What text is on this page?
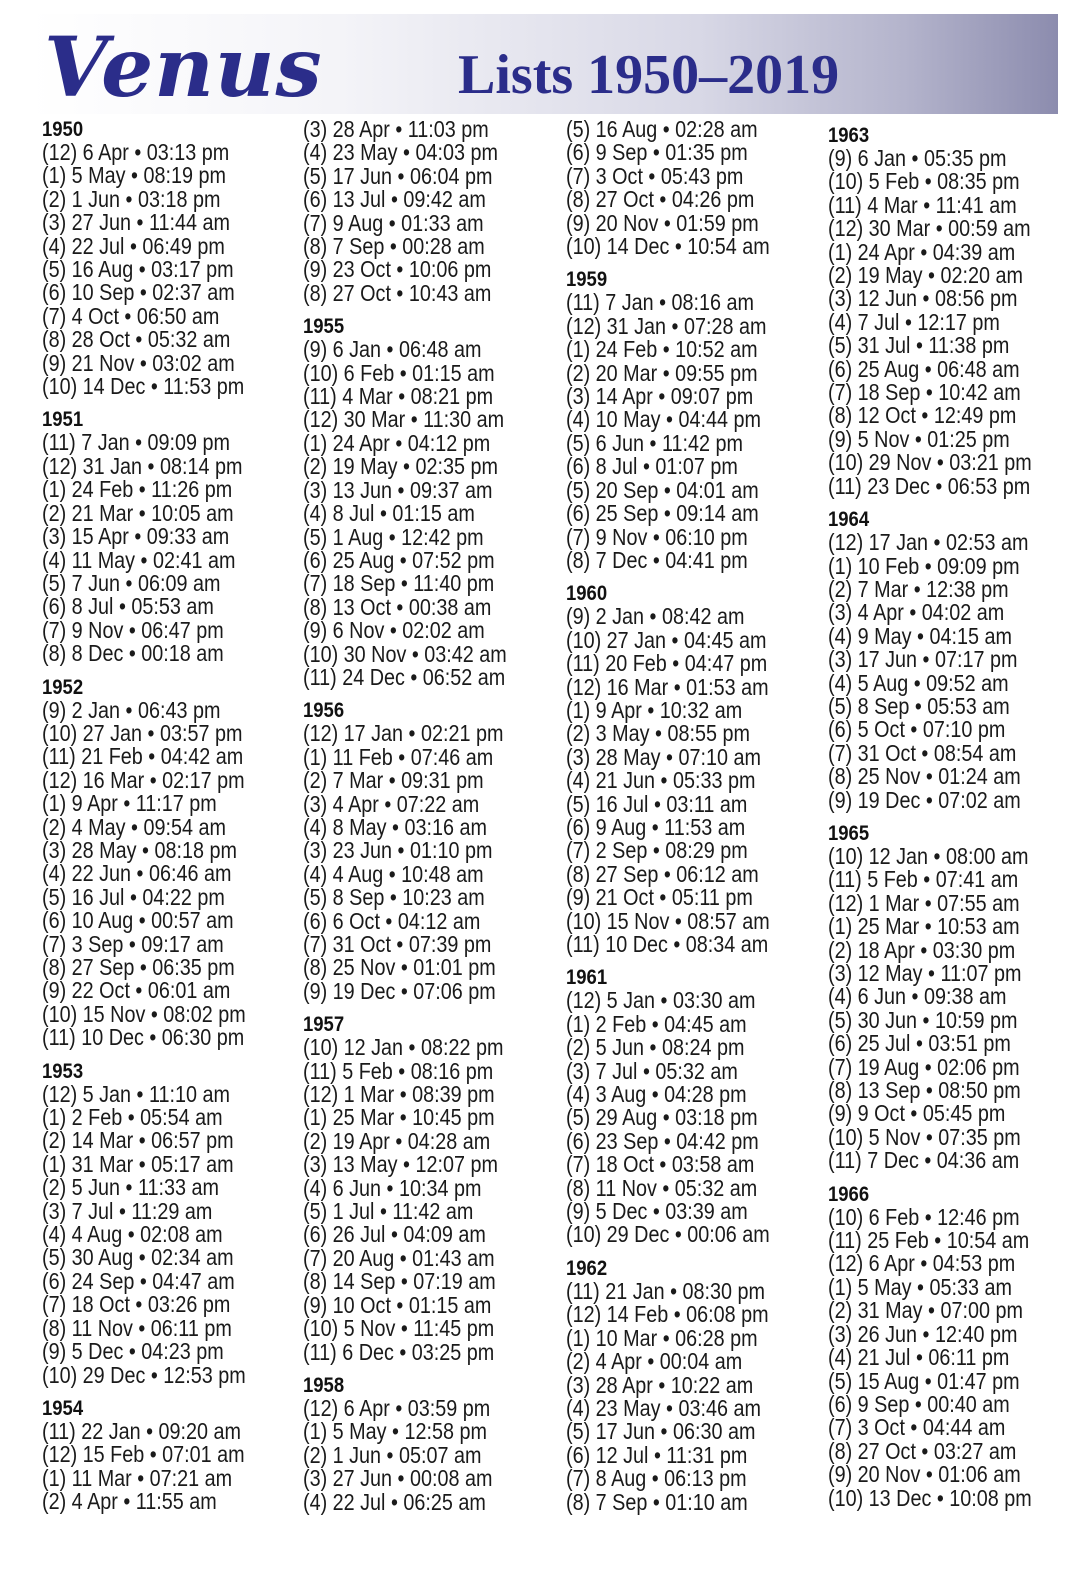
Venus Lists 1950–2019
1950
(12) 6 Apr • 03:13 pm
(1) 5 May • 08:19 pm
(2) 1 Jun • 03:18 pm
(3) 27 Jun • 11:44 am
(4) 22 Jul • 06:49 pm
(5) 16 Aug • 03:17 pm
(6) 10 Sep • 02:37 am
(7) 4 Oct • 06:50 am
(8) 28 Oct • 05:32 am
(9) 21 Nov • 03:02 am
(10) 14 Dec • 11:53 pm
1951
(11) 7 Jan • 09:09 pm
(12) 31 Jan • 08:14 pm
(1) 24 Feb • 11:26 pm
(2) 21 Mar • 10:05 am
(3) 15 Apr • 09:33 am
(4) 11 May • 02:41 am
(5) 7 Jun • 06:09 am
(6) 8 Jul • 05:53 am
(7) 9 Nov • 06:47 pm
(8) 8 Dec • 00:18 am
1952
(9) 2 Jan • 06:43 pm
(10) 27 Jan • 03:57 pm
(11) 21 Feb • 04:42 am
(12) 16 Mar • 02:17 pm
(1) 9 Apr • 11:17 pm
(2) 4 May • 09:54 am
(3) 28 May • 08:18 pm
(4) 22 Jun • 06:46 am
(5) 16 Jul • 04:22 pm
(6) 10 Aug • 00:57 am
(7) 3 Sep • 09:17 am
(8) 27 Sep • 06:35 pm
(9) 22 Oct • 06:01 am
(10) 15 Nov • 08:02 pm
(11) 10 Dec • 06:30 pm
1953
(12) 5 Jan • 11:10 am
(1) 2 Feb • 05:54 am
(2) 14 Mar • 06:57 pm
(1) 31 Mar • 05:17 am
(2) 5 Jun • 11:33 am
(3) 7 Jul • 11:29 am
(4) 4 Aug • 02:08 am
(5) 30 Aug • 02:34 am
(6) 24 Sep • 04:47 am
(7) 18 Oct • 03:26 pm
(8) 11 Nov • 06:11 pm
(9) 5 Dec • 04:23 pm
(10) 29 Dec • 12:53 pm
1954
(11) 22 Jan • 09:20 am
(12) 15 Feb • 07:01 am
(1) 11 Mar • 07:21 am
(2) 4 Apr • 11:55 am
(3) 28 Apr • 11:03 pm
(4) 23 May • 04:03 pm
(5) 17 Jun • 06:04 pm
(6) 13 Jul • 09:42 am
(7) 9 Aug • 01:33 am
(8) 7 Sep • 00:28 am
(9) 23 Oct • 10:06 pm
(8) 27 Oct • 10:43 am
1955
(9) 6 Jan • 06:48 am
(10) 6 Feb • 01:15 am
(11) 4 Mar • 08:21 pm
(12) 30 Mar • 11:30 am
(1) 24 Apr • 04:12 pm
(2) 19 May • 02:35 pm
(3) 13 Jun • 09:37 am
(4) 8 Jul • 01:15 am
(5) 1 Aug • 12:42 pm
(6) 25 Aug • 07:52 pm
(7) 18 Sep • 11:40 pm
(8) 13 Oct • 00:38 am
(9) 6 Nov • 02:02 am
(10) 30 Nov • 03:42 am
(11) 24 Dec • 06:52 am
1956
(12) 17 Jan • 02:21 pm
(1) 11 Feb • 07:46 am
(2) 7 Mar • 09:31 pm
(3) 4 Apr • 07:22 am
(4) 8 May • 03:16 am
(3) 23 Jun • 01:10 pm
(4) 4 Aug • 10:48 am
(5) 8 Sep • 10:23 am
(6) 6 Oct • 04:12 am
(7) 31 Oct • 07:39 pm
(8) 25 Nov • 01:01 pm
(9) 19 Dec • 07:06 pm
1957
(10) 12 Jan • 08:22 pm
(11) 5 Feb • 08:16 pm
(12) 1 Mar • 08:39 pm
(1) 25 Mar • 10:45 pm
(2) 19 Apr • 04:28 am
(3) 13 May • 12:07 pm
(4) 6 Jun • 10:34 pm
(5) 1 Jul • 11:42 am
(6) 26 Jul • 04:09 am
(7) 20 Aug • 01:43 am
(8) 14 Sep • 07:19 am
(9) 10 Oct • 01:15 am
(10) 5 Nov • 11:45 pm
(11) 6 Dec • 03:25 pm
1958
(12) 6 Apr • 03:59 pm
(1) 5 May • 12:58 pm
(2) 1 Jun • 05:07 am
(3) 27 Jun • 00:08 am
(4) 22 Jul • 06:25 am
(5) 16 Aug • 02:28 am
(6) 9 Sep • 01:35 pm
(7) 3 Oct • 05:43 pm
(8) 27 Oct • 04:26 pm
(9) 20 Nov • 01:59 pm
(10) 14 Dec • 10:54 am
1959
(11) 7 Jan • 08:16 am
(12) 31 Jan • 07:28 am
(1) 24 Feb • 10:52 am
(2) 20 Mar • 09:55 pm
(3) 14 Apr • 09:07 pm
(4) 10 May • 04:44 pm
(5) 6 Jun • 11:42 pm
(6) 8 Jul • 01:07 pm
(5) 20 Sep • 04:01 am
(6) 25 Sep • 09:14 am
(7) 9 Nov • 06:10 pm
(8) 7 Dec • 04:41 pm
1960
(9) 2 Jan • 08:42 am
(10) 27 Jan • 04:45 am
(11) 20 Feb • 04:47 pm
(12) 16 Mar • 01:53 am
(1) 9 Apr • 10:32 am
(2) 3 May • 08:55 pm
(3) 28 May • 07:10 am
(4) 21 Jun • 05:33 pm
(5) 16 Jul • 03:11 am
(6) 9 Aug • 11:53 am
(7) 2 Sep • 08:29 pm
(8) 27 Sep • 06:12 am
(9) 21 Oct • 05:11 pm
(10) 15 Nov • 08:57 am
(11) 10 Dec • 08:34 am
1961
(12) 5 Jan • 03:30 am
(1) 2 Feb • 04:45 am
(2) 5 Jun • 08:24 pm
(3) 7 Jul • 05:32 am
(4) 3 Aug • 04:28 pm
(5) 29 Aug • 03:18 pm
(6) 23 Sep • 04:42 pm
(7) 18 Oct • 03:58 am
(8) 11 Nov • 05:32 am
(9) 5 Dec • 03:39 am
(10) 29 Dec • 00:06 am
1962
(11) 21 Jan • 08:30 pm
(12) 14 Feb • 06:08 pm
(1) 10 Mar • 06:28 pm
(2) 4 Apr • 00:04 am
(3) 28 Apr • 10:22 am
(4) 23 May • 03:46 am
(5) 17 Jun • 06:30 am
(6) 12 Jul • 11:31 pm
(7) 8 Aug • 06:13 pm
(8) 7 Sep • 01:10 am
1963
(9) 6 Jan • 05:35 pm
(10) 5 Feb • 08:35 pm
(11) 4 Mar • 11:41 am
(12) 30 Mar • 00:59 am
(1) 24 Apr • 04:39 am
(2) 19 May • 02:20 am
(3) 12 Jun • 08:56 pm
(4) 7 Jul • 12:17 pm
(5) 31 Jul • 11:38 pm
(6) 25 Aug • 06:48 am
(7) 18 Sep • 10:42 am
(8) 12 Oct • 12:49 pm
(9) 5 Nov • 01:25 pm
(10) 29 Nov • 03:21 pm
(11) 23 Dec • 06:53 pm
1964
(12) 17 Jan • 02:53 am
(1) 10 Feb • 09:09 pm
(2) 7 Mar • 12:38 pm
(3) 4 Apr • 04:02 am
(4) 9 May • 04:15 am
(3) 17 Jun • 07:17 pm
(4) 5 Aug • 09:52 am
(5) 8 Sep • 05:53 am
(6) 5 Oct • 07:10 pm
(7) 31 Oct • 08:54 am
(8) 25 Nov • 01:24 am
(9) 19 Dec • 07:02 am
1965
(10) 12 Jan • 08:00 am
(11) 5 Feb • 07:41 am
(12) 1 Mar • 07:55 am
(1) 25 Mar • 10:53 am
(2) 18 Apr • 03:30 pm
(3) 12 May • 11:07 pm
(4) 6 Jun • 09:38 am
(5) 30 Jun • 10:59 pm
(6) 25 Jul • 03:51 pm
(7) 19 Aug • 02:06 pm
(8) 13 Sep • 08:50 pm
(9) 9 Oct • 05:45 pm
(10) 5 Nov • 07:35 pm
(11) 7 Dec • 04:36 am
1966
(10) 6 Feb • 12:46 pm
(11) 25 Feb • 10:54 am
(12) 6 Apr • 04:53 pm
(1) 5 May • 05:33 am
(2) 31 May • 07:00 pm
(3) 26 Jun • 12:40 pm
(4) 21 Jul • 06:11 pm
(5) 15 Aug • 01:47 pm
(6) 9 Sep • 00:40 am
(7) 3 Oct • 04:44 am
(8) 27 Oct • 03:27 am
(9) 20 Nov • 01:06 am
(10) 13 Dec • 10:08 pm
